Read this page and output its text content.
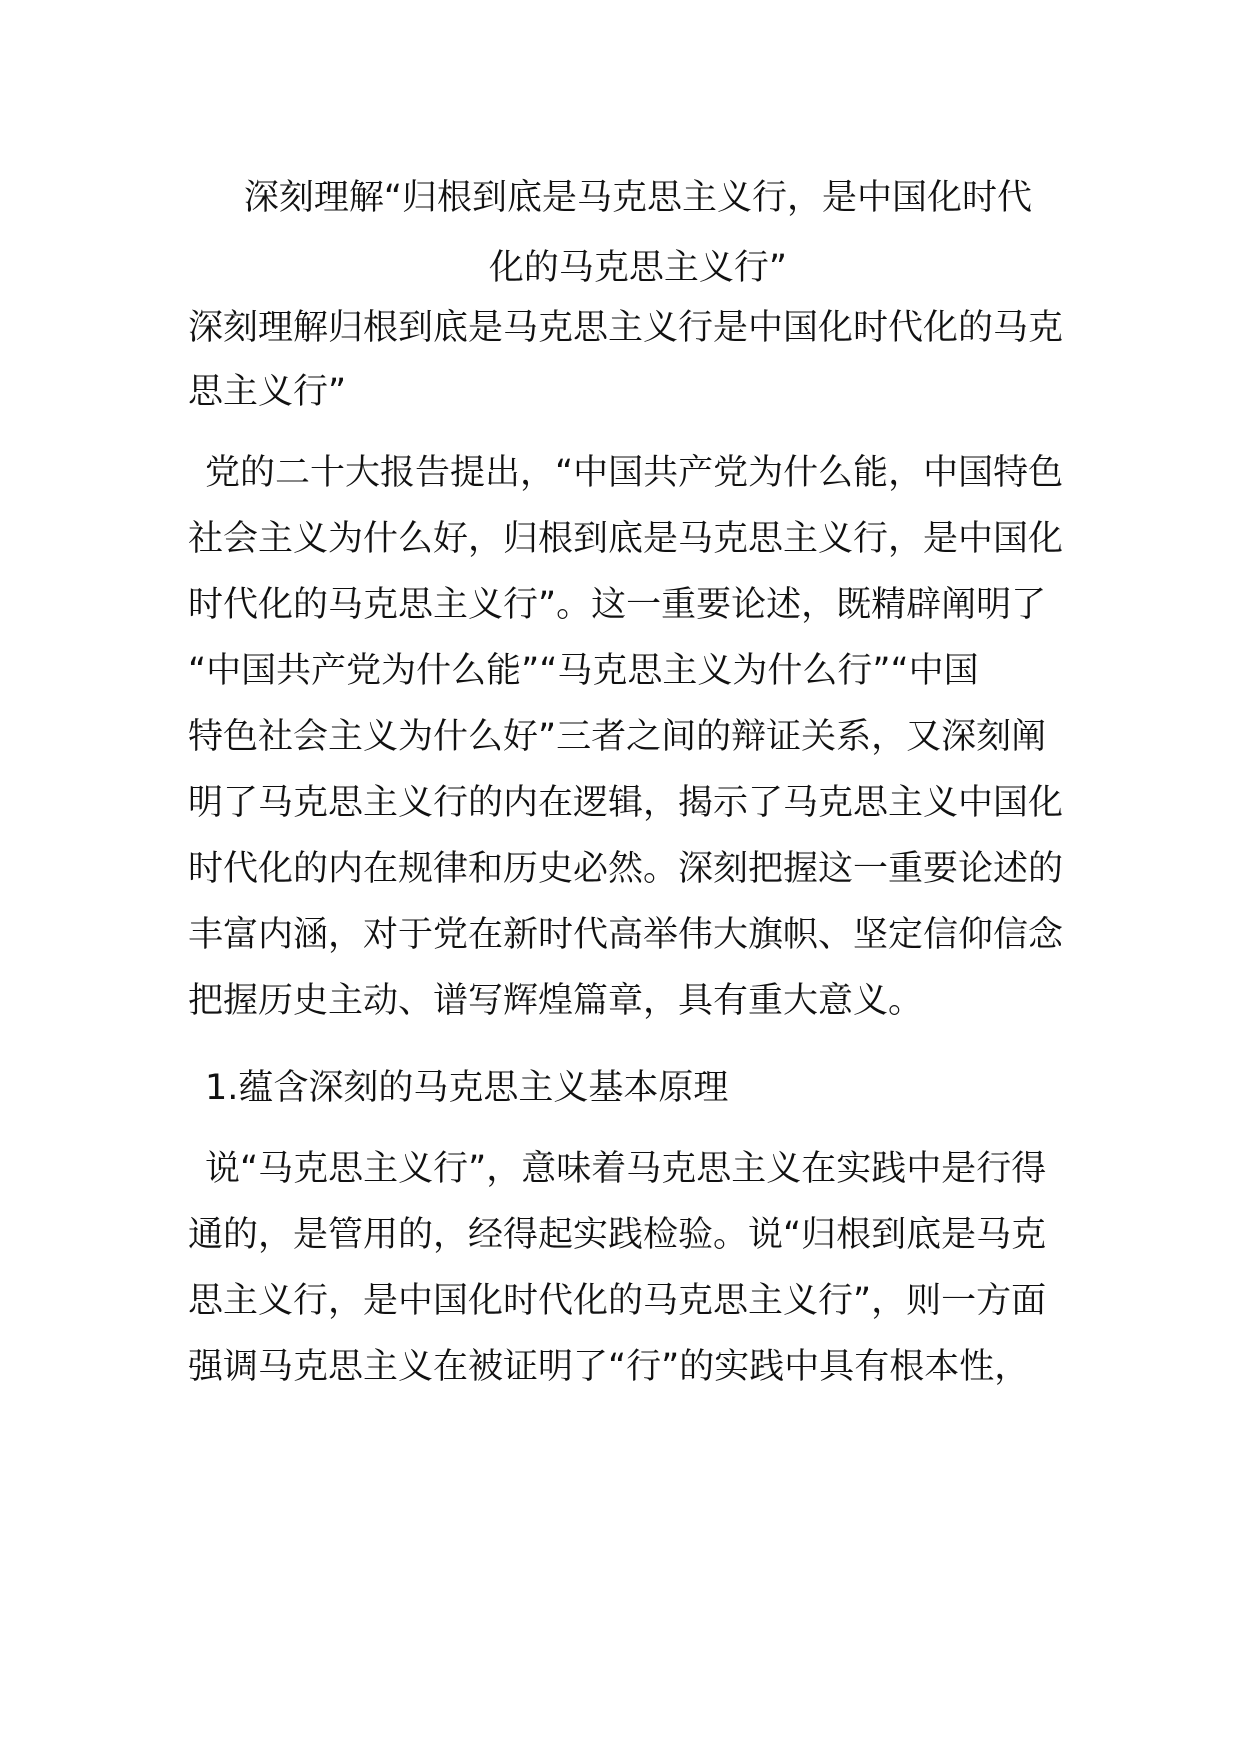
深刻理解“归根到底是马克思主义行，是中国化时代
化的马克思主义行”

深刻理解归根到底是马克思主义行是中国化时代化的马克

思主义行”

党的二十大报告提出，“中国共产党为什么能，中国特色

社会主义为什么好，归根到底是马克思主义行，是中国化

时代化的马克思主义行”。这一重要论述，既精辟阐明了

“中国共产党为什么能”“马克思主义为什么行”“中国

特色社会主义为什么好”三者之间的辩证关系，又深刻阐

明了马克思主义行的内在逻辑，揭示了马克思主义中国化

时代化的内在规律和历史必然。深刻把握这一重要论述的

丰富内涵，对于党在新时代高举伟大旗帜、坚定信仰信念

把握历史主动、谱写辉煌篇章，具有重大意义。

1.蕴含深刻的马克思主义基本原理

说“马克思主义行”，意味着马克思主义在实践中是行得

通的，是管用的，经得起实践检验。说“归根到底是马克

思主义行，是中国化时代化的马克思主义行”，则一方面

强调马克思主义在被证明了“行”的实践中具有根本性，
